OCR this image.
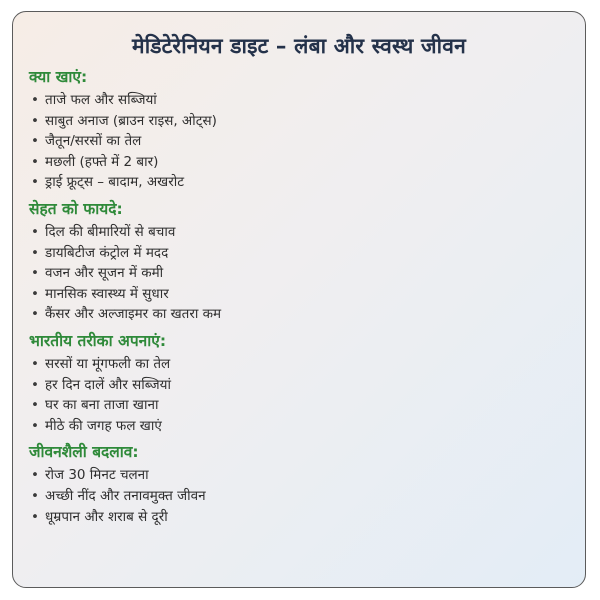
मेडिटेरेनियन डाइट – लंबा और स्वस्थ जीवन
क्या खाएं:
• ताजे फल और सब्जियां
• साबुत अनाज (ब्राउन राइस, ओट्स)
• जैतून/सरसों का तेल
• मछली (हफ्ते में 2 बार)
• ड्राई फ्रूट्स – बादाम, अखरोट
सेहत को फायदे:
• दिल की बीमारियों से बचाव
• डायबिटीज कंट्रोल में मदद
• वजन और सूजन में कमी
• मानसिक स्वास्थ्य में सुधार
• कैंसर और अल्जाइमर का खतरा कम
भारतीय तरीका अपनाएं:
• सरसों या मूंगफली का तेल
• हर दिन दालें और सब्जियां
• घर का बना ताजा खाना
• मीठे की जगह फल खाएं
जीवनशैली बदलाव:
• रोज 30 मिनट चलना
• अच्छी नींद और तनावमुक्त जीवन
• धूम्रपान और शराब से दूरी
